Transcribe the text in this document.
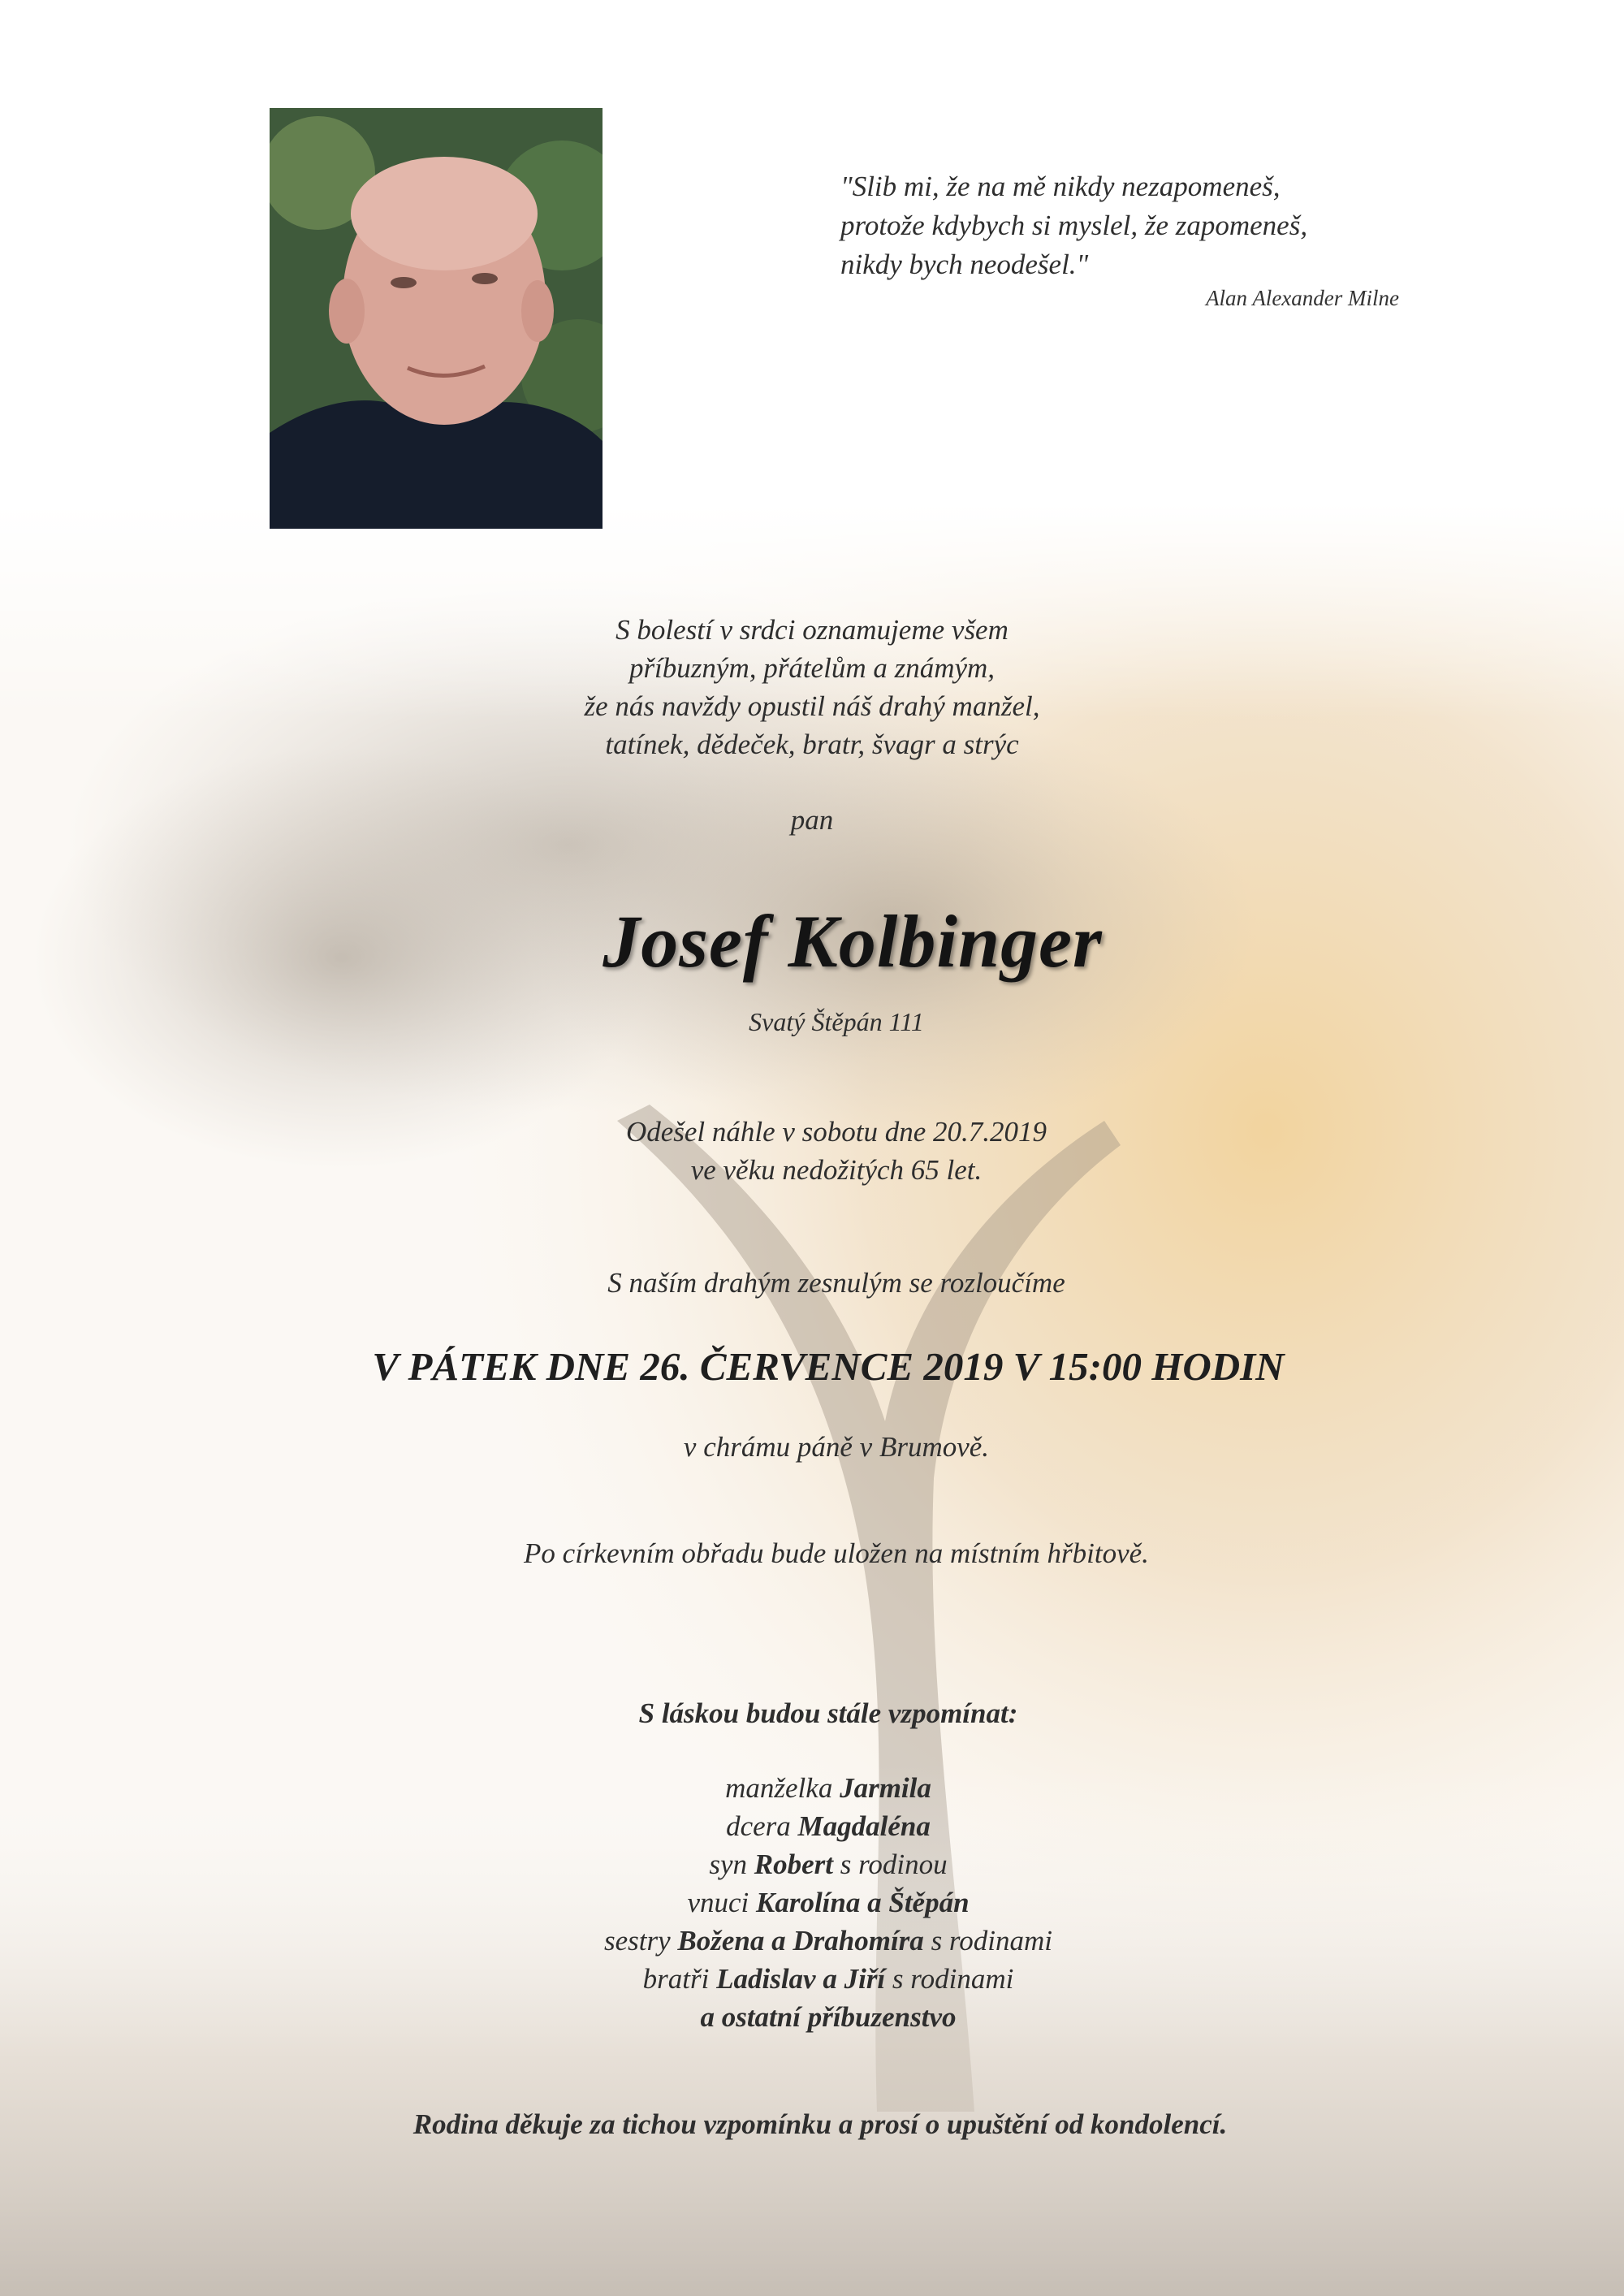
"Slib mi, že na mě nikdy nezapomeneš,
protože kdybych si myslel, že zapomeneš,
nikdy bych neodešel."
Alan Alexander Milne
S bolestí v srdci oznamujeme všem
příbuzným, přátelům a známým,
že nás navždy opustil náš drahý manžel,
tatínek, dědeček, bratr, švagr a strýc
pan
Josef Kolbinger
Svatý Štěpán 111
Odešel náhle v sobotu dne 20.7.2019
ve věku nedožitých 65 let.
S naším drahým zesnulým se rozloučíme
V PÁTEK DNE 26. ČERVENCE 2019 V 15:00 HODIN
v chrámu páně v Brumově.
Po církevním obřadu bude uložen na místním hřbitově.
S láskou budou stále vzpomínat:
manželka Jarmila
dcera Magdaléna
syn Robert s rodinou
vnuci Karolína a Štěpán
sestry Božena a Drahomíra s rodinami
bratři Ladislav a Jiří s rodinami
a ostatní příbuzenstvo
Rodina děkuje za tichou vzpomínku a prosí o upuštění od kondolencí.
